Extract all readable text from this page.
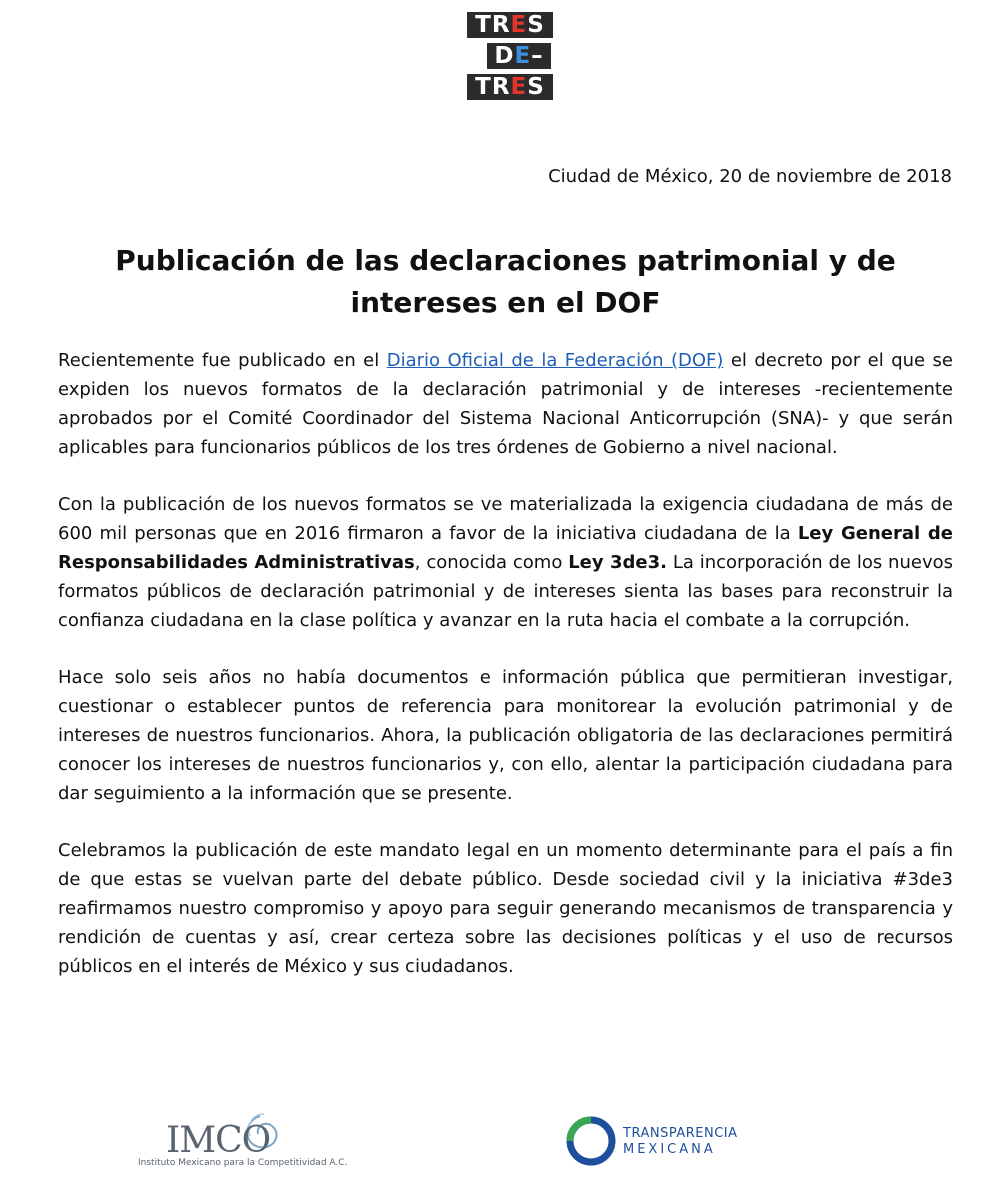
TRES
DE–
TRES
Ciudad de México, 20 de noviembre de 2018
Publicación de las declaraciones patrimonial y de intereses en el DOF

Recientemente fue publicado en el Diario Oficial de la Federación (DOF) el decreto por el que se expiden los nuevos formatos de la declaración patrimonial y de intereses -recientemente aprobados por el Comité Coordinador del Sistema Nacional Anticorrupción (SNA)- y que serán aplicables para funcionarios públicos de los tres órdenes de Gobierno a nivel nacional.

Con la publicación de los nuevos formatos se ve materializada la exigencia ciudadana de más de 600 mil personas que en 2016 firmaron a favor de la iniciativa ciudadana de la Ley General de Responsabilidades Administrativas, conocida como Ley 3de3. La incorporación de los nuevos formatos públicos de declaración patrimonial y de intereses sienta las bases para reconstruir la confianza ciudadana en la clase política y avanzar en la ruta hacia el combate a la corrupción.

Hace solo seis años no había documentos e información pública que permitieran investigar, cuestionar o establecer puntos de referencia para monitorear la evolución patrimonial y de intereses de nuestros funcionarios. Ahora, la publicación obligatoria de las declaraciones permitirá conocer los intereses de nuestros funcionarios y, con ello, alentar la participación ciudadana para dar seguimiento a la información que se presente.

Celebramos la publicación de este mandato legal en un momento determinante para el país a fin de que estas se vuelvan parte del debate público. Desde sociedad civil y la iniciativa #3de3 reafirmamos nuestro compromiso y apoyo para seguir generando mecanismos de transparencia y rendición de cuentas y así, crear certeza sobre las decisiones políticas y el uso de recursos públicos en el interés de México y sus ciudadanos.

IMCO
Instituto Mexicano para la Competitividad A.C.
TRANSPARENCIA
MEXICANA
